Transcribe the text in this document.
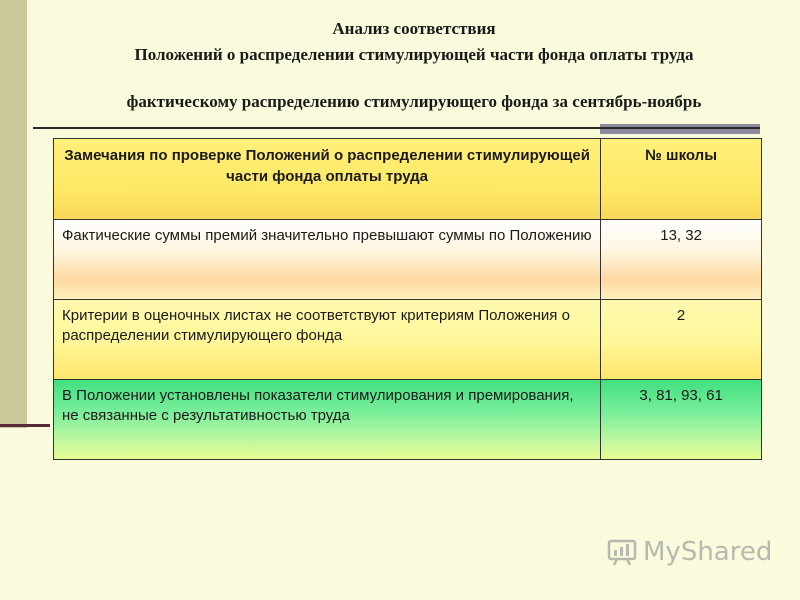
Анализ соответствия
Положений о распределении стимулирующей части фонда оплаты труда
фактическому распределению стимулирующего фонда за сентябрь-ноябрь
Замечания по проверке Положений о распределении стимулирующей части фонда оплаты труда	№ школы
Фактические суммы премий значительно превышают суммы по Положению	13, 32
Критерии в оценочных листах не соответствуют критериям Положения о распределении стимулирующего фонда	2
В Положении установлены показатели стимулирования и премирования, не связанные с результативностью труда	3, 81, 93, 61
MyShared
